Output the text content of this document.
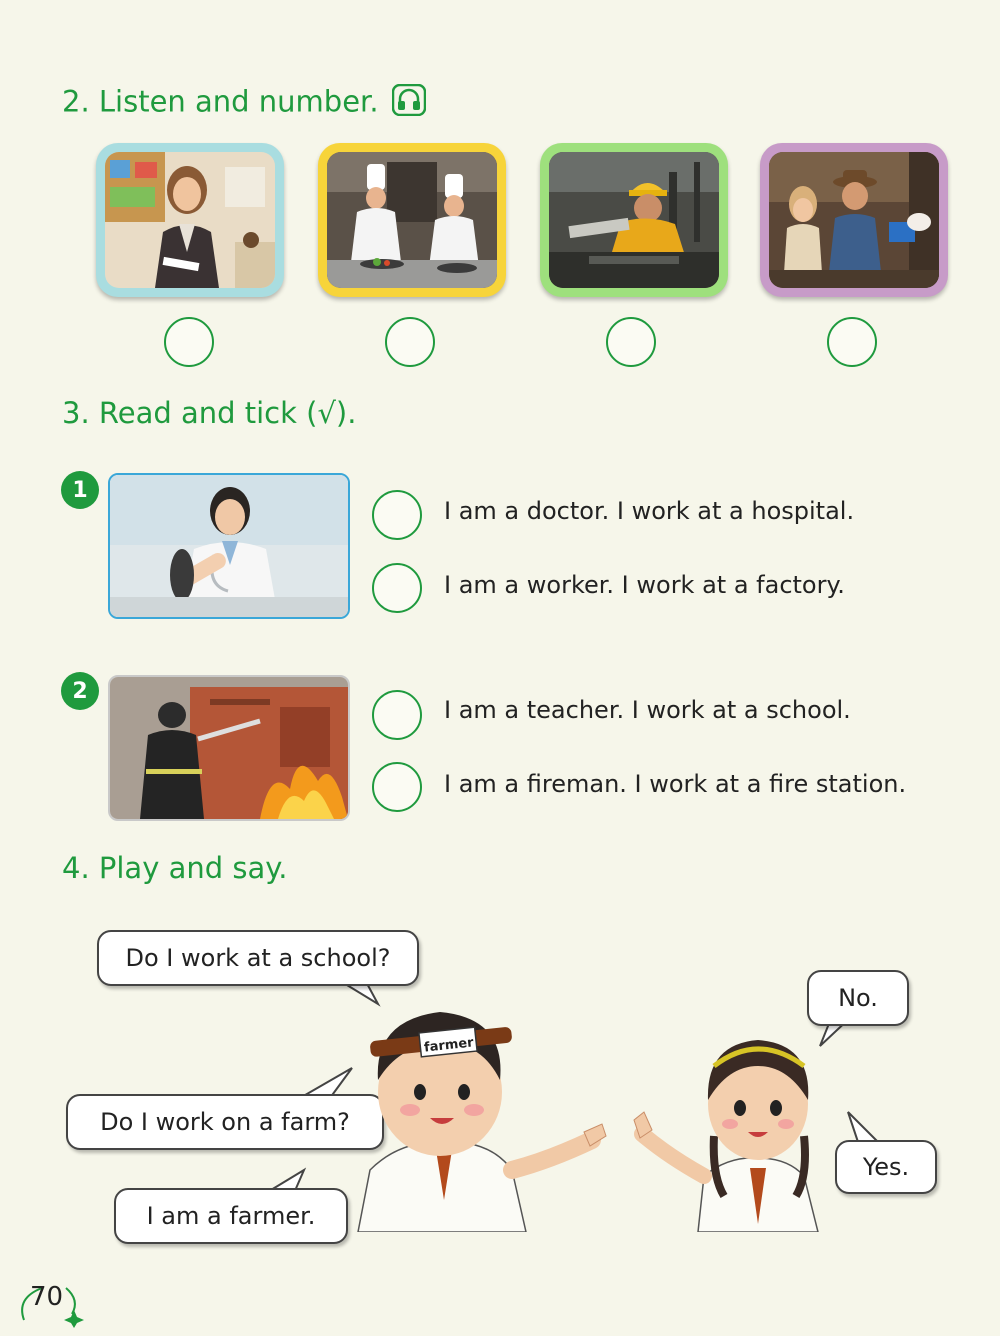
2. Listen and number.
3. Read and tick (√).
1
I am a doctor. I work at a hospital.
I am a worker. I work at a factory.
2
I am a teacher. I work at a school.
I am a fireman. I work at a fire station.
4. Play and say.
Do I work at a school?
No.
Do I work on a farm?
Yes.
I am a farmer.
farmer
70
